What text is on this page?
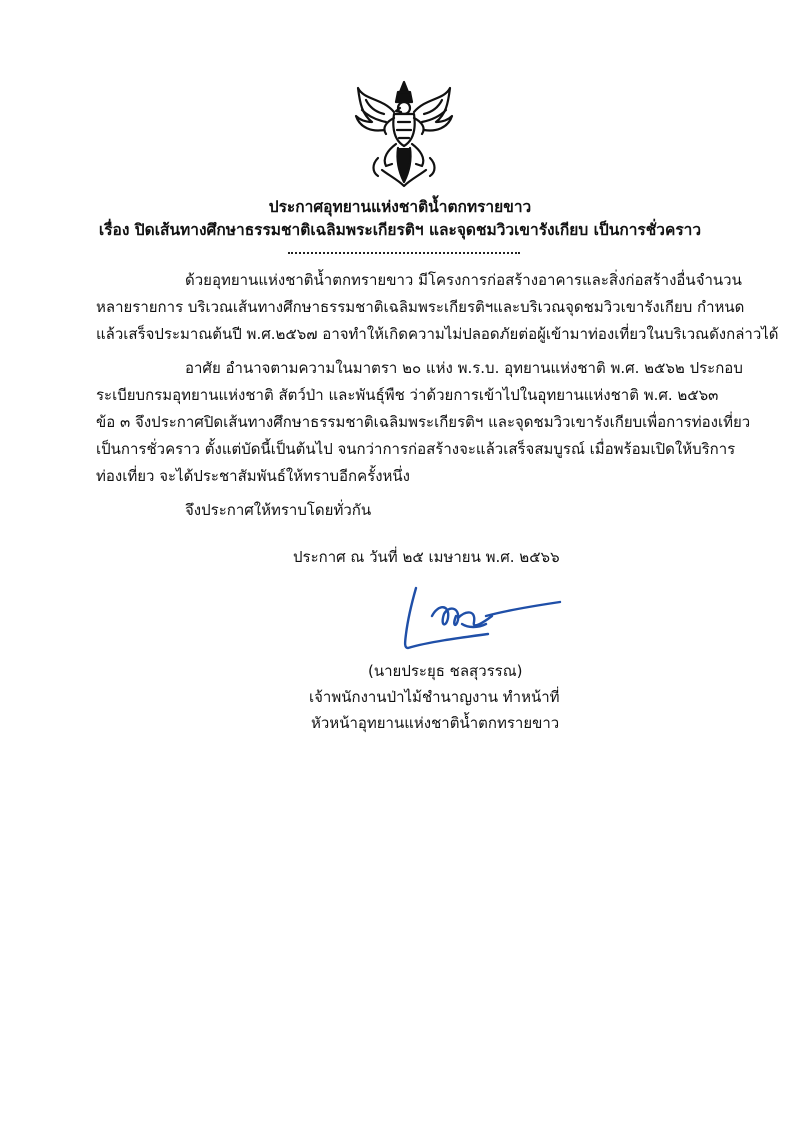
ประกาศอุทยานแห่งชาติน้ำตกทรายขาว
เรื่อง ปิดเส้นทางศึกษาธรรมชาติเฉลิมพระเกียรติฯ และจุดชมวิวเขารังเกียบ เป็นการชั่วคราว
ด้วยอุทยานแห่งชาติน้ำตกทรายขาว มีโครงการก่อสร้างอาคารและสิ่งก่อสร้างอื่นจำนวน
หลายรายการ บริเวณเส้นทางศึกษาธรรมชาติเฉลิมพระเกียรติฯและบริเวณจุดชมวิวเขารังเกียบ กำหนด
แล้วเสร็จประมาณต้นปี พ.ศ.๒๕๖๗ อาจทำให้เกิดความไม่ปลอดภัยต่อผู้เข้ามาท่องเที่ยวในบริเวณดังกล่าวได้
อาศัย อำนาจตามความในมาตรา ๒๐ แห่ง พ.ร.บ. อุทยานแห่งชาติ พ.ศ. ๒๕๖๒ ประกอบ
ระเบียบกรมอุทยานแห่งชาติ สัตว์ป่า และพันธุ์พืช ว่าด้วยการเข้าไปในอุทยานแห่งชาติ พ.ศ. ๒๕๖๓
ข้อ ๓ จึงประกาศปิดเส้นทางศึกษาธรรมชาติเฉลิมพระเกียรติฯ และจุดชมวิวเขารังเกียบเพื่อการท่องเที่ยว
เป็นการชั่วคราว ตั้งแต่บัดนี้เป็นต้นไป จนกว่าการก่อสร้างจะแล้วเสร็จสมบูรณ์ เมื่อพร้อมเปิดให้บริการ
ท่องเที่ยว จะได้ประชาสัมพันธ์ให้ทราบอีกครั้งหนึ่ง
จึงประกาศให้ทราบโดยทั่วกัน
ประกาศ ณ วันที่ ๒๕ เมษายน พ.ศ. ๒๕๖๖
(นายประยุธ ชลสุวรรณ)
เจ้าพนักงานป่าไม้ชำนาญงาน ทำหน้าที่
หัวหน้าอุทยานแห่งชาติน้ำตกทรายขาว
